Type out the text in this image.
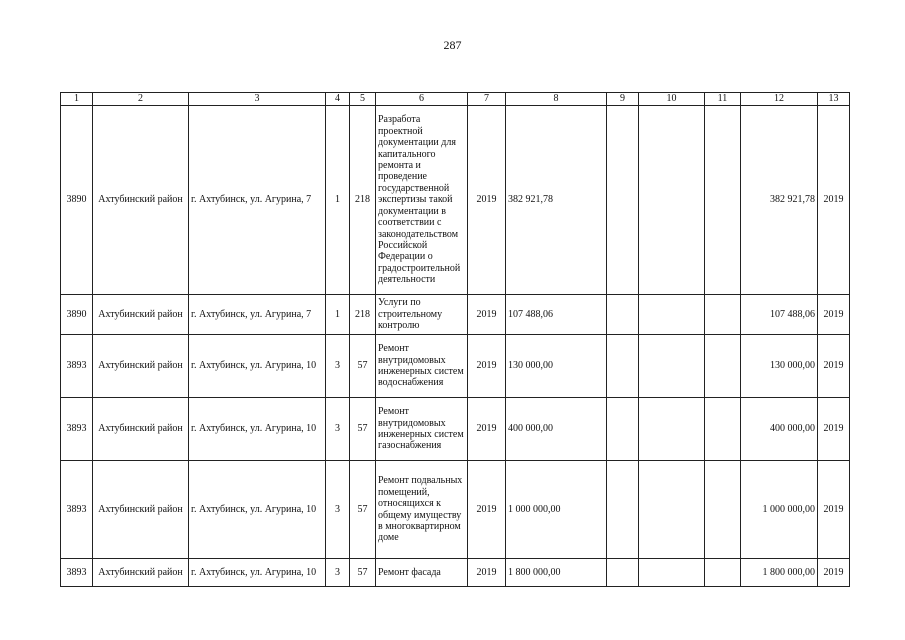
287
1	2	3	4	5	6	7	8	9	10	11	12	13
3890	Ахтубинский район	г. Ахтубинск, ул. Агурина, 7	1	218	Разработа проектной документации для капитального ремонта и проведение государственной экспертизы такой документации в соответствии с законодательством Российской Федерации о градостроительной деятельности	2019	382 921,78				382 921,78	2019
3890	Ахтубинский район	г. Ахтубинск, ул. Агурина, 7	1	218	Услуги по строительному контролю	2019	107 488,06				107 488,06	2019
3893	Ахтубинский район	г. Ахтубинск, ул. Агурина, 10	3	57	Ремонт внутридомовых инженерных систем водоснабжения	2019	130 000,00				130 000,00	2019
3893	Ахтубинский район	г. Ахтубинск, ул. Агурина, 10	3	57	Ремонт внутридомовых инженерных систем газоснабжения	2019	400 000,00				400 000,00	2019
3893	Ахтубинский район	г. Ахтубинск, ул. Агурина, 10	3	57	Ремонт подвальных помещений, относящихся к общему имуществу в многоквартирном доме	2019	1 000 000,00				1 000 000,00	2019
3893	Ахтубинский район	г. Ахтубинск, ул. Агурина, 10	3	57	Ремонт фасада	2019	1 800 000,00				1 800 000,00	2019
